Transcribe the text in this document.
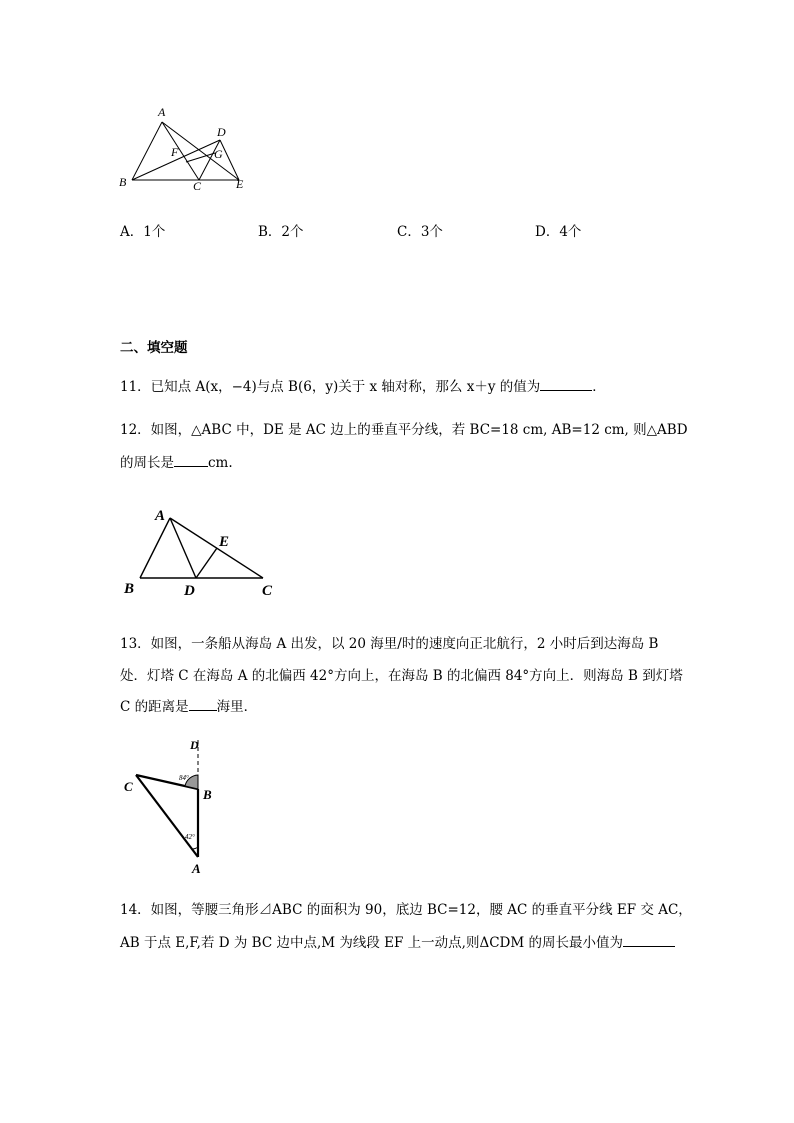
A
B	C
D
E
F	G
A．1个	B．2个	C．3个	D．4个
二、填空题
11．已知点 A(x，−4)与点 B(6，y)关于 x 轴对称，那么 x＋y 的值为	．
12．如图，△ABC 中，DE 是 AC 边上的垂直平分线，若 BC=18 cm, AB=12 cm, 则△ABD
的周长是	cm.
A
B	C
D
E
13．如图，一条船从海岛 A 出发，以 20 海里/时的速度向正北航行，2 小时后到达海岛 B
处．灯塔 C 在海岛 A 的北偏西 42°方向上，在海岛 B 的北偏西 84°方向上．则海岛 B 到灯塔
C 的距离是 海里．
D
C
B
A
84°
42°
14．如图，等腰三角形⊿ABC 的面积为 90，底边 BC=12，腰 AC 的垂直平分线 EF 交 AC，
AB 于点 E,F,若 D 为 BC 边中点,M 为线段 EF 上一动点,则ΔCDM 的周长最小值为
